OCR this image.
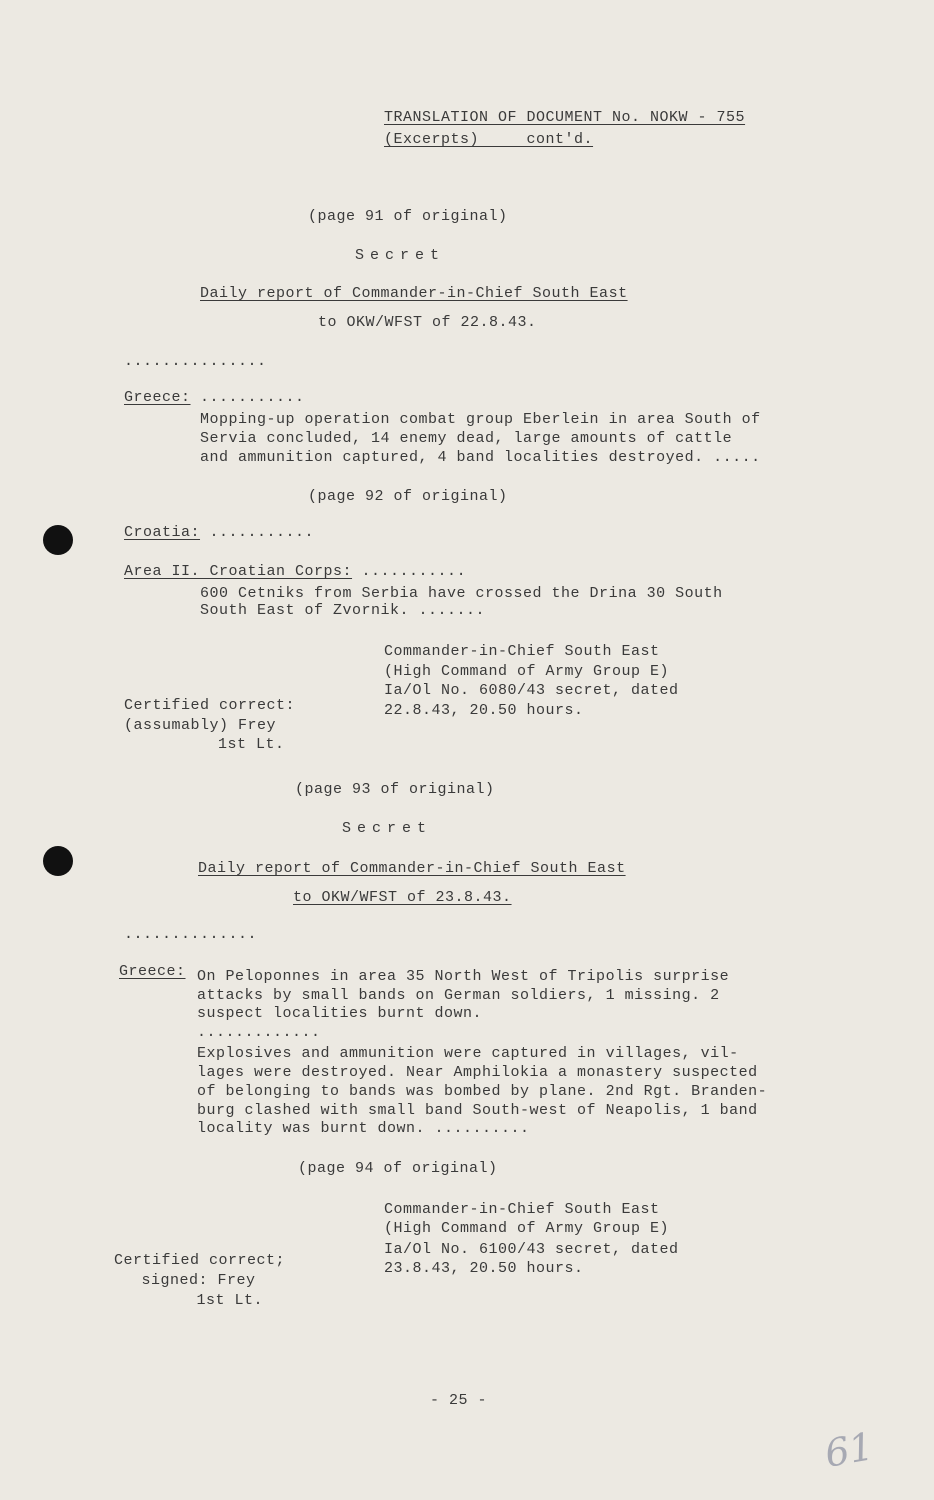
TRANSLATION OF DOCUMENT No. NOKW - 755
(Excerpts)     cont'd.
(page 91 of original)
Secret
Daily report of Commander-in-Chief South East
to OKW/WFST of 22.8.43.
...............
Greece: ...........
Mopping-up operation combat group Eberlein in area South of
Servia concluded, 14 enemy dead, large amounts of cattle
and ammunition captured, 4 band localities destroyed. .....
(page 92 of original)
Croatia: ...........
Area II. Croatian Corps: ...........
600 Cetniks from Serbia have crossed the Drina 30 South
South East of Zvornik. .......
Commander-in-Chief South East
(High Command of Army Group E)
Ia/Ol No. 6080/43 secret, dated
22.8.43, 20.50 hours.
Certified correct:
(assumably) Frey
1st Lt.
(page 93 of original)
Secret
Daily report of Commander-in-Chief South East
to OKW/WFST of 23.8.43.
..............
Greece: On Peloponnes in area 35 North West of Tripolis surprise
attacks by small bands on German soldiers, 1 missing. 2
suspect localities burnt down.
.............
Explosives and ammunition were captured in villages, vil-
lages were destroyed. Near Amphilokia a monastery suspected
of belonging to bands was bombed by plane. 2nd Rgt. Branden-
burg clashed with small band South-west of Neapolis, 1 band
locality was burnt down. ..........
(page 94 of original)
Commander-in-Chief South East
(High Command of Army Group E)
Ia/Ol No. 6100/43 secret, dated
23.8.43, 20.50 hours.
Certified correct;
signed: Frey
1st Lt.
- 25 -
61
